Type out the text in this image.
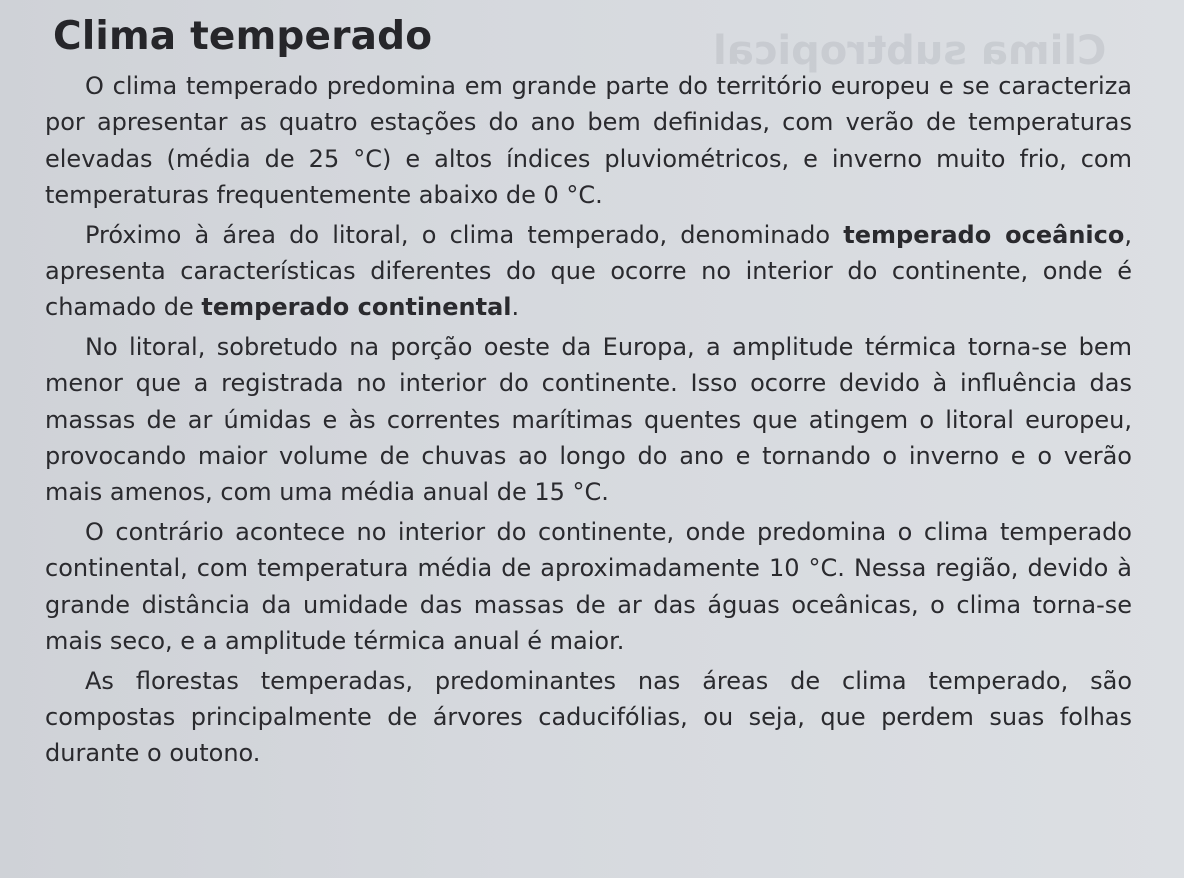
Clima subtropical
Clima temperado

O clima temperado predomina em grande parte do território europeu e se caracteriza por apresentar as quatro estações do ano bem definidas, com verão de temperaturas elevadas (média de 25 °C) e altos índices pluviométricos, e inverno muito frio, com temperaturas frequentemente abaixo de 0 °C.

Próximo à área do litoral, o clima temperado, denominado temperado oceânico, apresenta características diferentes do que ocorre no interior do continente, onde é chamado de temperado continental.

No litoral, sobretudo na porção oeste da Europa, a amplitude térmica torna-se bem menor que a registrada no interior do continente. Isso ocorre devido à influência das massas de ar úmidas e às correntes marítimas quentes que atingem o litoral europeu, provocando maior volume de chuvas ao longo do ano e tornando o inverno e o verão mais amenos, com uma média anual de 15 °C.

O contrário acontece no interior do continente, onde predomina o clima temperado continental, com temperatura média de aproximadamente 10 °C. Nessa região, devido à grande distância da umidade das massas de ar das águas oceânicas, o clima torna-se mais seco, e a amplitude térmica anual é maior.

As florestas temperadas, predominantes nas áreas de clima temperado, são compostas principalmente de árvores caducifólias, ou seja, que perdem suas folhas durante o outono.
